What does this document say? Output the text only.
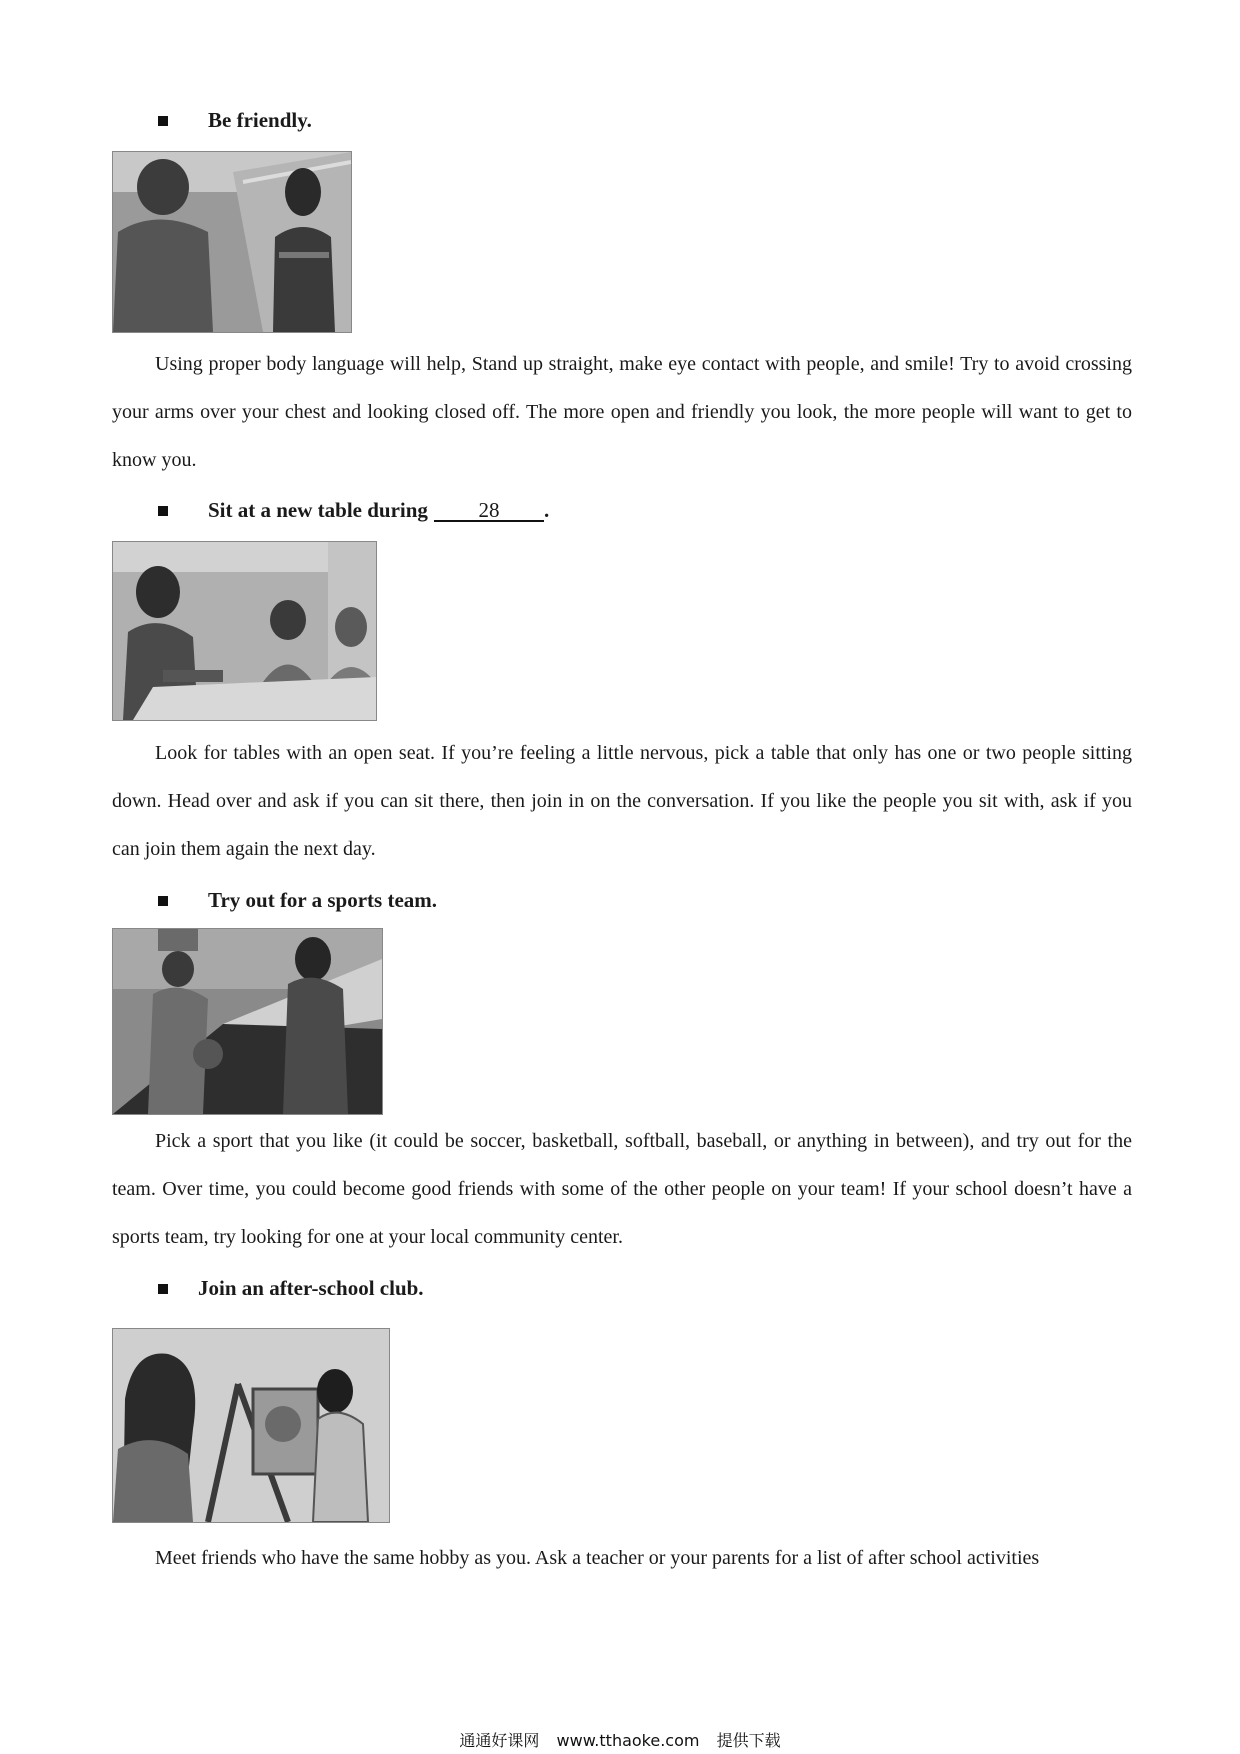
Be friendly.

Using proper body language will help, Stand up straight, make eye contact with people, and smile! Try to avoid crossing your arms over your chest and looking closed off. The more open and friendly you look, the more people will want to get to know you.

Sit at a new table during	28	.

Look for tables with an open seat. If you’re feeling a little nervous, pick a table that only has one or two people sitting down. Head over and ask if you can sit there, then join in on the conversation. If you like the people you sit with, ask if you can join them again the next day.

Try out for a sports team.

Pick a sport that you like (it could be soccer, basketball, softball, baseball, or anything in between), and try out for the team. Over time, you could become good friends with some of the other people on your team! If your school doesn’t have a sports team, try looking for one at your local community center.

Join an after-school club.

Meet friends who have the same hobby as you. Ask a teacher or your parents for a list of after school activities

通通好课网 www.tthaoke.com 提供下载
